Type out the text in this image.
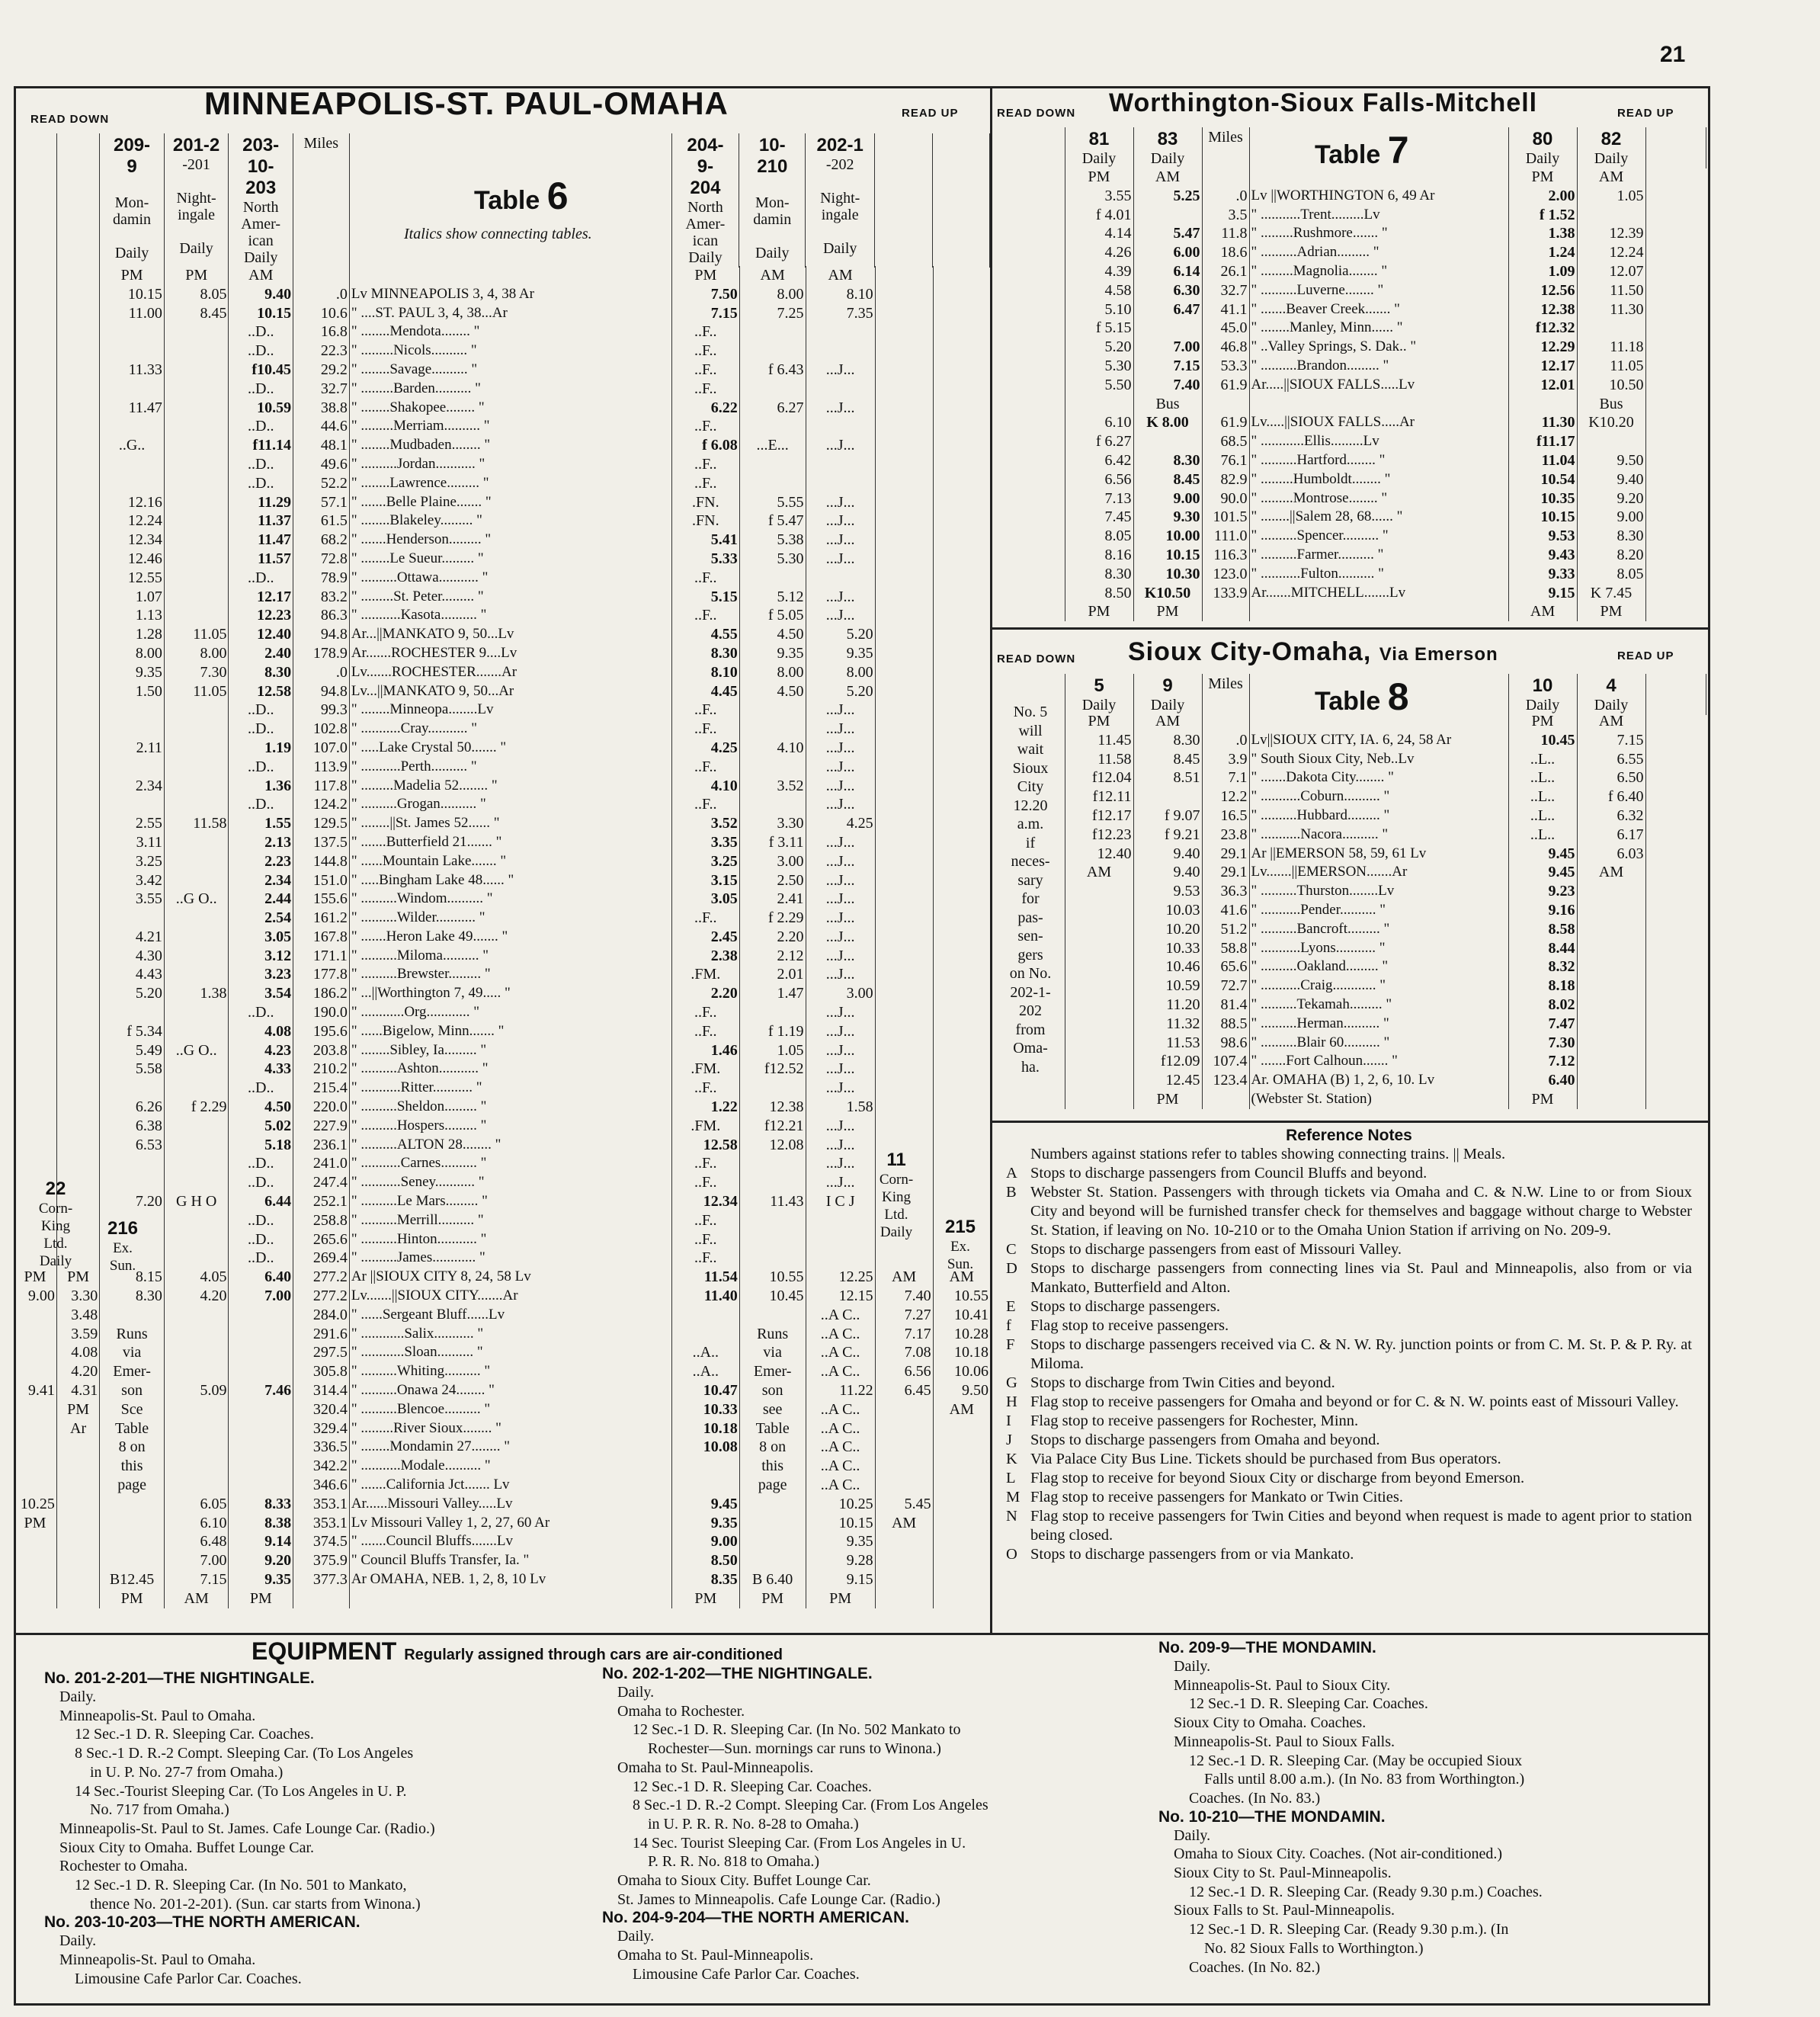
21
READ DOWN	READ UP
MINNEAPOLIS-ST. PAUL-OMAHA
Table 6
Italics show connecting tables.

209-
9

Mon-
damin

Daily

201-2
-201

Night-
ingale

Daily

203-
10-
203
North
Amer-
ican
Daily

Miles		204-
9-
204
North
Amer-
ican
Daily

10-
210

Mon-
damin

Daily

202-1
-202

Night-
ingale

Daily

		PM	PM	AM			PM	AM	AM		
		10.15	8.05	9.40	.0	Lv MINNEAPOLIS 3, 4, 38 Ar	7.50	8.00	8.10		
		11.00	8.45	10.15	10.6	" ....ST. PAUL 3, 4, 38...Ar	7.15	7.25	7.35		
				..D..	16.8	" ........Mendota........ "	..F..				
				..D..	22.3	" .........Nicols.......... "	..F..				
		11.33		f10.45	29.2	" ........Savage.......... "	..F..	f 6.43	...J...		
				..D..	32.7	" .........Barden.......... "	..F..				
		11.47		10.59	38.8	" ........Shakopee........ "	6.22	6.27	...J...		
				..D..	44.6	" .........Merriam.......... "	..F..				
		..G..		f11.14	48.1	" ........Mudbaden........ "	f 6.08	...E...	...J...		
				..D..	49.6	" ..........Jordan........... "	..F..				
				..D..	52.2	" ........Lawrence......... "	..F..				
		12.16		11.29	57.1	" .......Belle Plaine....... "	.FN.	5.55	...J...		
		12.24		11.37	61.5	" ........Blakeley......... "	.FN.	f 5.47	...J...		
		12.34		11.47	68.2	" .......Henderson......... "	5.41	5.38	...J...		
		12.46		11.57	72.8	" ........Le Sueur......... "	5.33	5.30	...J...		
		12.55		..D..	78.9	" ..........Ottawa........... "	..F..				
		1.07		12.17	83.2	" .........St. Peter......... "	5.15	5.12	...J...		
		1.13		12.23	86.3	" ...........Kasota.......... "	..F..	f 5.05	...J...		
		1.28	11.05	12.40	94.8	Ar...||MANKATO 9, 50...Lv	4.55	4.50	5.20		
		8.00	8.00	2.40	178.9	Ar.......ROCHESTER 9....Lv	8.30	9.35	9.35		
		9.35	7.30	8.30	.0	Lv.......ROCHESTER.......Ar	8.10	8.00	8.00		
		1.50	11.05	12.58	94.8	Lv...||MANKATO 9, 50...Ar	4.45	4.50	5.20		
				..D..	99.3	" ........Minneopa........Lv	..F..		...J...		
				..D..	102.8	" ...........Cray........... "	..F..		...J...		
		2.11		1.19	107.0	" .....Lake Crystal 50....... "	4.25	4.10	...J...		
				..D..	113.9	" ...........Perth.......... "	..F..		...J...		
		2.34		1.36	117.8	" .........Madelia 52........ "	4.10	3.52	...J...		
				..D..	124.2	" ..........Grogan.......... "	..F..		...J...		
		2.55	11.58	1.55	129.5	" ........||St. James 52...... "	3.52	3.30	4.25		
		3.11		2.13	137.5	" .......Butterfield 21....... "	3.35	f 3.11	...J...		
		3.25		2.23	144.8	" ......Mountain Lake....... "	3.25	3.00	...J...		
		3.42		2.34	151.0	" .....Bingham Lake 48...... "	3.15	2.50	...J...		
		3.55	..G O..	2.44	155.6	" ..........Windom.......... "	3.05	2.41	...J...		
				2.54	161.2	" ..........Wilder........... "	..F..	f 2.29	...J...		
		4.21		3.05	167.8	" .......Heron Lake 49....... "	2.45	2.20	...J...		
		4.30		3.12	171.1	" ..........Miloma.......... "	2.38	2.12	...J...		
		4.43		3.23	177.8	" ..........Brewster......... "	.FM.	2.01	...J...		
		5.20	1.38	3.54	186.2	" ...||Worthington 7, 49..... "	2.20	1.47	3.00		
				..D..	190.0	" ............Org............ "	..F..		...J...		
		f 5.34		4.08	195.6	" ......Bigelow, Minn....... "	..F..	f 1.19	...J...		
		5.49	..G O..	4.23	203.8	" ........Sibley, Ia......... "	1.46	1.05	...J...		
		5.58		4.33	210.2	" ..........Ashton........... "	.FM.	f12.52	...J...		
				..D..	215.4	" ...........Ritter........... "	..F..		...J...		
		6.26	f 2.29	4.50	220.0	" ..........Sheldon......... "	1.22	12.38	1.58		
		6.38		5.02	227.9	" ..........Hospers......... "	.FM.	f12.21	...J...		
		6.53		5.18	236.1	" ..........ALTON 28........ "	12.58	12.08	...J...		
				..D..	241.0	" ...........Carnes.......... "	..F..		...J...		
				..D..	247.4	" ...........Seney........... "	..F..		...J...		
		7.20	G H O	6.44	252.1	" ..........Le Mars......... "	12.34	11.43	I C J		
				..D..	258.8	" ..........Merrill.......... "	..F..				
				..D..	265.6	" ..........Hinton........... "	..F..				
				..D..	269.4	" ..........James............ "	..F..				
PM	PM	8.15	4.05	6.40	277.2	Ar ||SIOUX CITY 8, 24, 58 Lv	11.54	10.55	12.25	AM	AM
9.00	3.30	8.30	4.20	7.00	277.2	Lv.......||SIOUX CITY.......Ar	11.40	10.45	12.15	7.40	10.55
	3.48				284.0	" ......Sergeant Bluff......Lv			..A C..	7.27	10.41
	3.59	Runs			291.6	" ............Salix........... "		Runs	..A C..	7.17	10.28
	4.08	via			297.5	" ............Sloan.......... "	..A..	via	..A C..	7.08	10.18
	4.20	Emer-			305.8	" ..........Whiting.......... "	..A..	Emer-	..A C..	6.56	10.06
9.41	4.31	son	5.09	7.46	314.4	" ..........Onawa 24........ "	10.47	son	11.22	6.45	9.50
	PM	Sce			320.4	" ..........Blencoe.......... "	10.33	see	..A C..		AM
	Ar	Table			329.4	" .........River Sioux........ "	10.18	Table	..A C..		
		8 on			336.5	" ........Mondamin 27........ "	10.08	8 on	..A C..		
		this			342.2	" ...........Modale.......... "		this	..A C..		
		page			346.6	" .......California Jct....... Lv		page	..A C..		
10.25			6.05	8.33	353.1	Ar......Missouri Valley.....Lv	9.45		10.25	5.45	
PM			6.10	8.38	353.1	Lv Missouri Valley 1, 2, 27, 60 Ar	9.35		10.15	AM	
			6.48	9.14	374.5	" .......Council Bluffs.......Lv	9.00		9.35		
			7.00	9.20	375.9	" Council Bluffs Transfer, Ia. "	8.50		9.28		
		B12.45	7.15	9.35	377.3	Ar OMAHA, NEB. 1, 2, 8, 10 Lv	8.35	B 6.40	9.15		
		PM	AM	PM			PM	PM	PM		
22
Corn-
King
Ltd.
Daily
216
Ex.
Sun.
11
Corn-
King
Ltd.
Daily	215
Ex.
Sun.
READ DOWN	READ UP
Worthington-Sioux Falls-Mitchell
Table 7

81
Daily

83
Daily

Miles		80
Daily

82
Daily

	PM	AM			PM	AM	
	3.55	5.25	.0	Lv ||WORTHINGTON 6, 49 Ar	2.00	1.05	
	f 4.01		3.5	" ...........Trent.........Lv	f 1.52		
	4.14	5.47	11.8	" .........Rushmore....... "	1.38	12.39	
	4.26	6.00	18.6	" ..........Adrian......... "	1.24	12.24	
	4.39	6.14	26.1	" .........Magnolia........ "	1.09	12.07	
	4.58	6.30	32.7	" ..........Luverne........ "	12.56	11.50	
	5.10	6.47	41.1	" .......Beaver Creek....... "	12.38	11.30	
	f 5.15		45.0	" ........Manley, Minn...... "	f12.32		
	5.20	7.00	46.8	" ..Valley Springs, S. Dak.. "	12.29	11.18	
	5.30	7.15	53.3	" ..........Brandon......... "	12.17	11.05	
	5.50	7.40	61.9	Ar.....||SIOUX FALLS.....Lv	12.01	10.50	
		Bus				Bus	
	6.10	K 8.00	61.9	Lv.....||SIOUX FALLS.....Ar	11.30	K10.20	
	f 6.27		68.5	" ............Ellis.........Lv	f11.17		
	6.42	8.30	76.1	" ..........Hartford........ "	11.04	9.50	
	6.56	8.45	82.9	" .........Humboldt........ "	10.54	9.40	
	7.13	9.00	90.0	" .........Montrose........ "	10.35	9.20	
	7.45	9.30	101.5	" ........||Salem 28, 68...... "	10.15	9.00	
	8.05	10.00	111.0	" ..........Spencer.......... "	9.53	8.30	
	8.16	10.15	116.3	" ..........Farmer.......... "	9.43	8.20	
	8.30	10.30	123.0	" ...........Fulton.......... "	9.33	8.05	
	8.50	K10.50	133.9	Ar.......MITCHELL.......Lv	9.15	K 7.45	
	PM	PM			AM	PM	
READ DOWN	READ UP
Sioux City-Omaha, Via Emerson
Table 8

5
Daily

9
Daily

Miles		10
Daily

4
Daily

	PM	AM			PM	AM	
	11.45	8.30	.0	Lv||SIOUX CITY, IA. 6, 24, 58 Ar	10.45	7.15	
	11.58	8.45	3.9	" South Sioux City, Neb..Lv	..L..	6.55	
	f12.04	8.51	7.1	" .......Dakota City........ "	..L..	6.50	
	f12.11		12.2	" ...........Coburn.......... "	..L..	f 6.40	
	f12.17	f 9.07	16.5	" ..........Hubbard......... "	..L..	6.32	
	f12.23	f 9.21	23.8	" ...........Nacora.......... "	..L..	6.17	
	12.40	9.40	29.1	Ar ||EMERSON 58, 59, 61 Lv	9.45	6.03	
	AM	9.40	29.1	Lv.......||EMERSON.......Ar	9.45	AM	
		9.53	36.3	" ..........Thurston........Lv	9.23		
		10.03	41.6	" ...........Pender.......... "	9.16		
		10.20	51.2	" ..........Bancroft......... "	8.58		
		10.33	58.8	" ...........Lyons........... "	8.44		
		10.46	65.6	" ..........Oakland......... "	8.32		
		10.59	72.7	" ...........Craig............ "	8.18		
		11.20	81.4	" ..........Tekamah......... "	8.02		
		11.32	88.5	" ..........Herman.......... "	7.47		
		11.53	98.6	" ..........Blair 60.......... "	7.30		
		f12.09	107.4	" .......Fort Calhoun....... "	7.12		
		12.45	123.4	Ar. OMAHA (B) 1, 2, 6, 10. Lv	6.40		
		PM		(Webster St. Station)	PM		
No. 5
will
wait
Sioux
City
12.20
a.m.
if
neces-
sary
for
pas-
sen-
gers
on No.
202-1-
202
from
Oma-
ha.
Reference Notes
Numbers against stations refer to tables showing connecting trains. || Meals.
A Stops to discharge passengers from Council Bluffs and beyond.
B Webster St. Station. Passengers with through tickets via Omaha and C. & N.W. Line to or from Sioux City and beyond will be furnished transfer check for themselves and baggage without charge to Webster St. Station, if leaving on No. 10-210 or to the Omaha Union Station if arriving on No. 209-9.
C Stops to discharge passengers from east of Missouri Valley.
D Stops to discharge passengers from connecting lines via St. Paul and Minneapolis, also from or via Mankato, Butterfield and Alton.
E Stops to discharge passengers.
f	Flag stop to receive passengers.
F	Stops to discharge passengers received via C. & N. W. Ry. junction points or from C. M. St. P. & P. Ry. at Miloma.
G Stops to discharge from Twin Cities and beyond.
H Flag stop to receive passengers for Omaha and beyond or for C. & N. W. points east of Missouri Valley.
I	Flag stop to receive passengers for Rochester, Minn.
J	Stops to discharge passengers from Omaha and beyond.
K Via Palace City Bus Line. Tickets should be purchased from Bus operators.
L Flag stop to receive for beyond Sioux City or discharge from beyond Emerson.
M Flag stop to receive passengers for Mankato or Twin Cities.
N Flag stop to receive passengers for Twin Cities and beyond when request is made to agent prior to station being closed.
O Stops to discharge passengers from or via Mankato.
EQUIPMENT Regularly assigned through cars are air-conditioned
No. 201-2-201—THE NIGHTINGALE.
Daily.
Minneapolis-St. Paul to Omaha.
12 Sec.-1 D. R. Sleeping Car. Coaches.
8 Sec.-1 D. R.-2 Compt. Sleeping Car. (To Los Angeles
in U. P. No. 27-7 from Omaha.)
14 Sec.-Tourist Sleeping Car. (To Los Angeles in U. P.
No. 717 from Omaha.)
Minneapolis-St. Paul to St. James. Cafe Lounge Car. (Radio.)
Sioux City to Omaha. Buffet Lounge Car.
Rochester to Omaha.
12 Sec.-1 D. R. Sleeping Car. (In No. 501 to Mankato,
thence No. 201-2-201). (Sun. car starts from Winona.)
No. 203-10-203—THE NORTH AMERICAN.
Daily.
Minneapolis-St. Paul to Omaha.
Limousine Cafe Parlor Car. Coaches.
No. 202-1-202—THE NIGHTINGALE.
Daily.
Omaha to Rochester.
12 Sec.-1 D. R. Sleeping Car. (In No. 502 Mankato to
Rochester—Sun. mornings car runs to Winona.)
Omaha to St. Paul-Minneapolis.
12 Sec.-1 D. R. Sleeping Car. Coaches.
8 Sec.-1 D. R.-2 Compt. Sleeping Car. (From Los Angeles
in U. P. R. R. No. 8-28 to Omaha.)
14 Sec. Tourist Sleeping Car. (From Los Angeles in U.
P. R. R. No. 818 to Omaha.)
Omaha to Sioux City. Buffet Lounge Car.
St. James to Minneapolis. Cafe Lounge Car. (Radio.)
No. 204-9-204—THE NORTH AMERICAN.
Daily.
Omaha to St. Paul-Minneapolis.
Limousine Cafe Parlor Car. Coaches.
No. 209-9—THE MONDAMIN.
Daily.
Minneapolis-St. Paul to Sioux City.
12 Sec.-1 D. R. Sleeping Car. Coaches.
Sioux City to Omaha. Coaches.
Minneapolis-St. Paul to Sioux Falls.
12 Sec.-1 D. R. Sleeping Car. (May be occupied Sioux
Falls until 8.00 a.m.). (In No. 83 from Worthington.)
Coaches. (In No. 83.)
No. 10-210—THE MONDAMIN.
Daily.
Omaha to Sioux City. Coaches. (Not air-conditioned.)
Sioux City to St. Paul-Minneapolis.
12 Sec.-1 D. R. Sleeping Car. (Ready 9.30 p.m.) Coaches.
Sioux Falls to St. Paul-Minneapolis.
12 Sec.-1 D. R. Sleeping Car. (Ready 9.30 p.m.). (In
No. 82 Sioux Falls to Worthington.)
Coaches. (In No. 82.)
